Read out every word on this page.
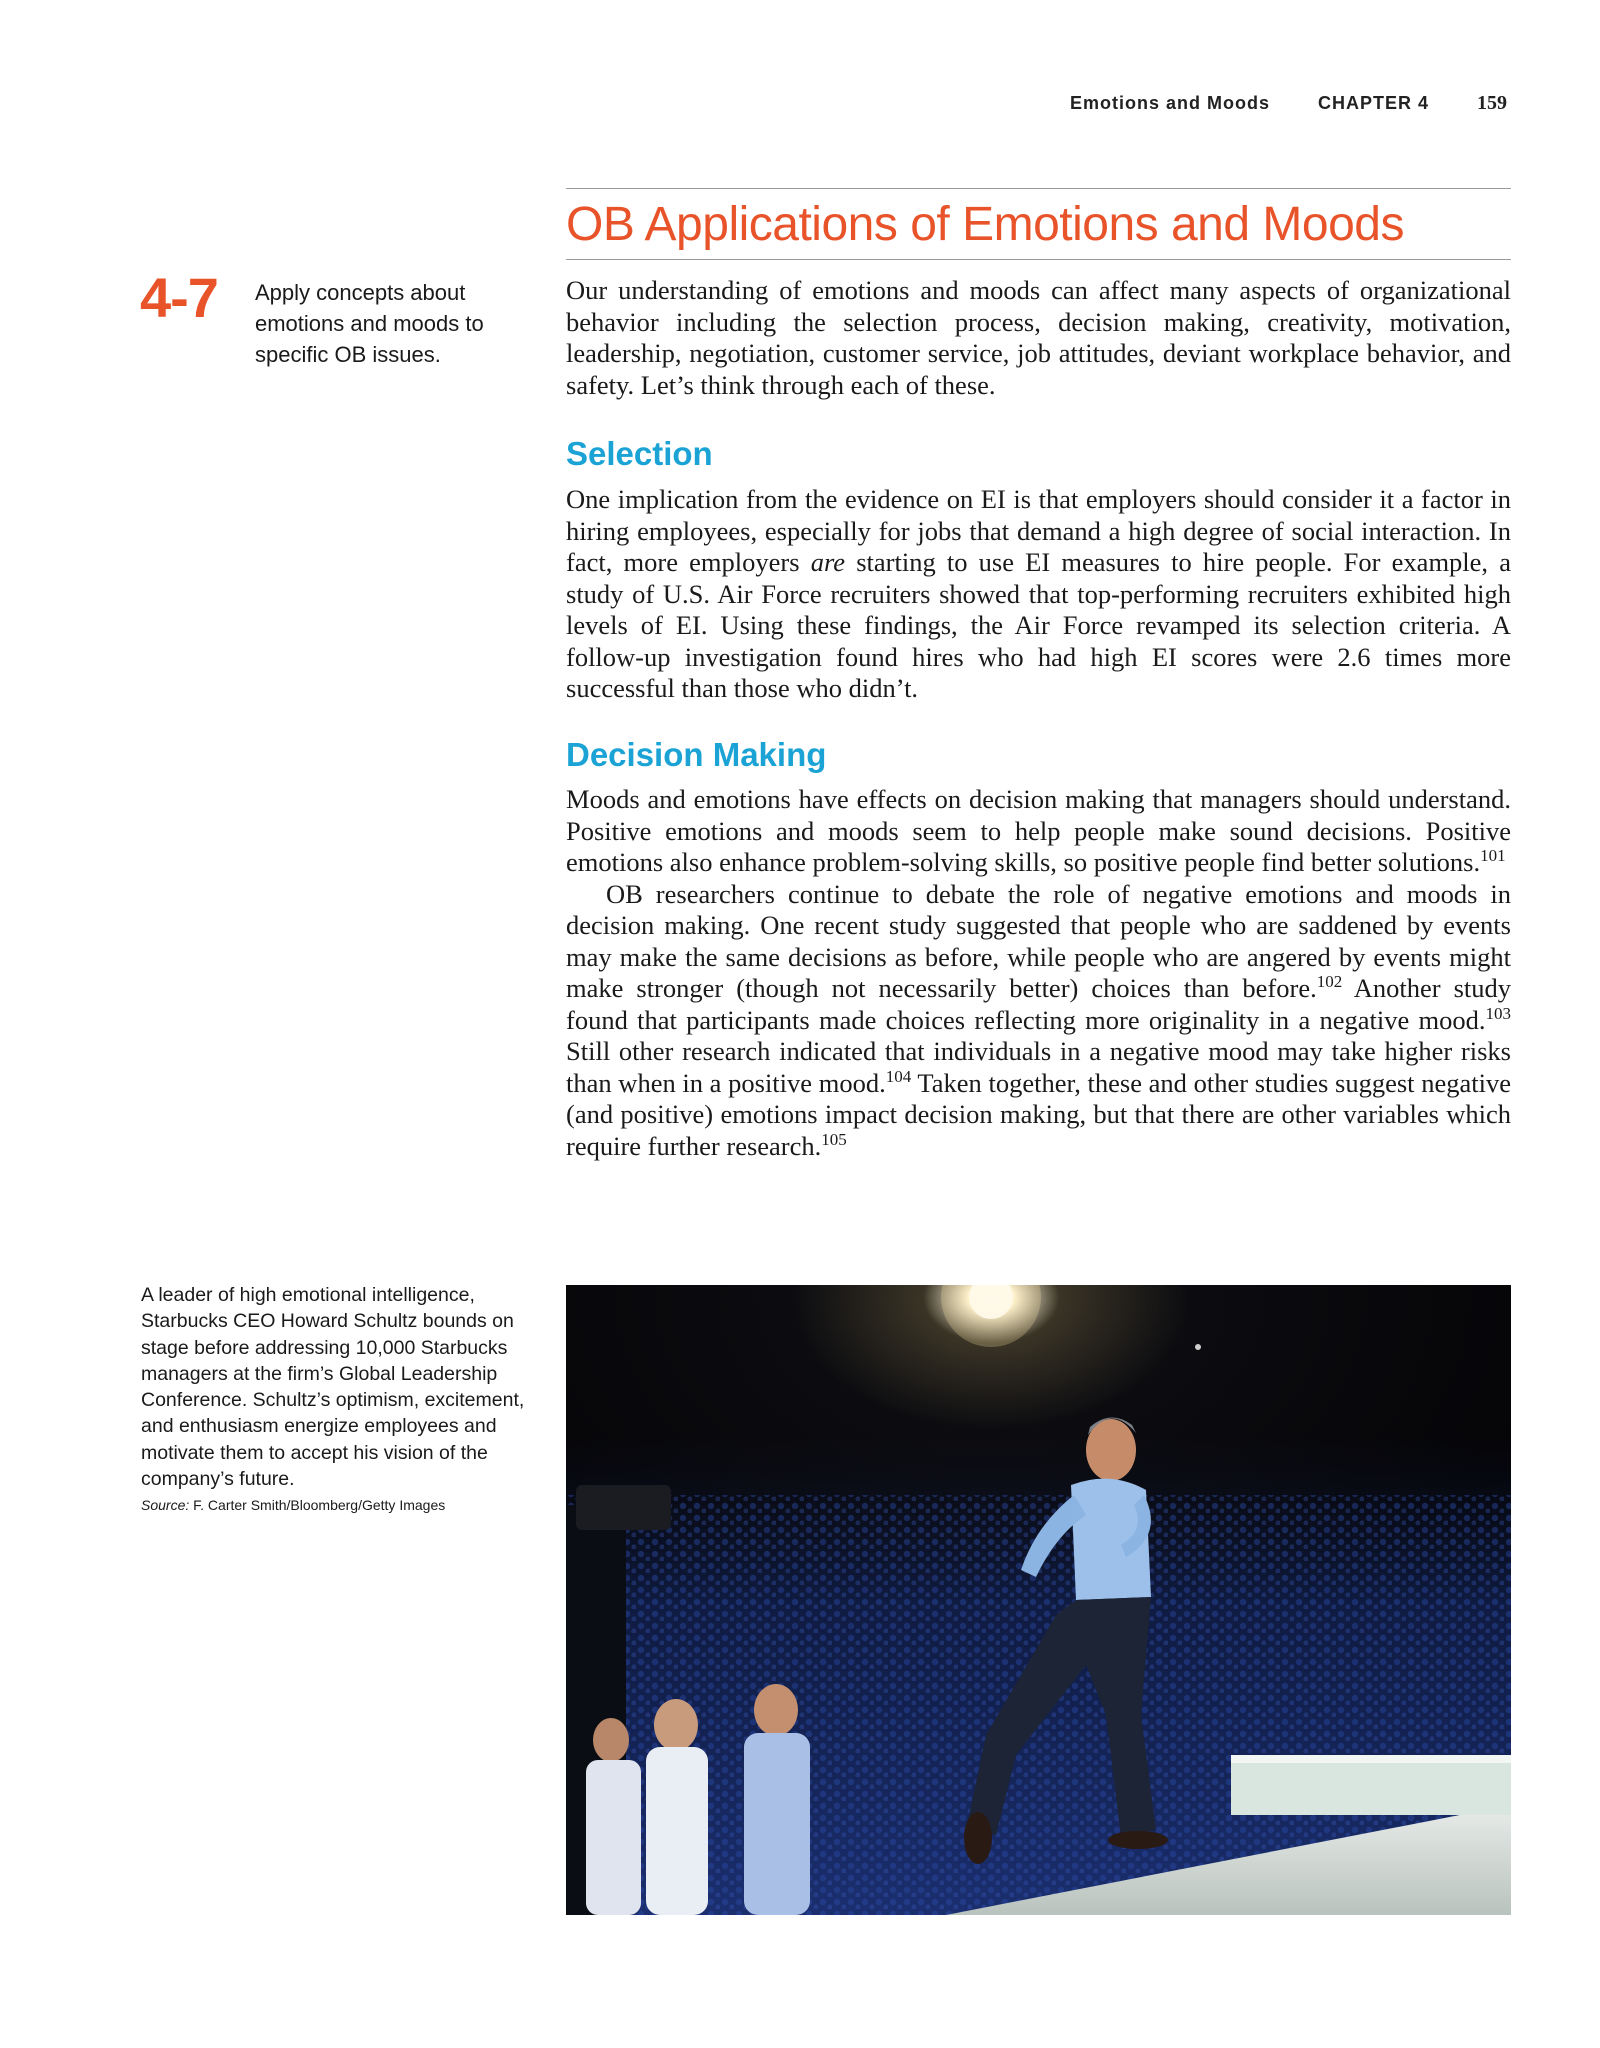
Emotions and Moods	CHAPTER 4 159
OB Applications of Emotions and Moods
4-7 Apply concepts about emotions and moods to specific OB issues.

Our understanding of emotions and moods can affect many aspects of organizational behavior including the selection process, decision making, creativity, motivation, leadership, negotiation, customer service, job attitudes, deviant workplace behavior, and safety. Let’s think through each of these.

Selection

One implication from the evidence on EI is that employers should consider it a factor in hiring employees, especially for jobs that demand a high degree of social interaction. In fact, more employers are starting to use EI measures to hire people. For example, a study of U.S. Air Force recruiters showed that top-performing recruiters exhibited high levels of EI. Using these findings, the Air Force revamped its selection criteria. A follow-up investigation found hires who had high EI scores were 2.6 times more successful than those who didn’t.

Decision Making

Moods and emotions have effects on decision making that managers should understand. Positive emotions and moods seem to help people make sound decisions. Positive emotions also enhance problem-solving skills, so positive people find better solutions.$^{101}$

OB researchers continue to debate the role of negative emotions and moods in decision making. One recent study suggested that people who are saddened by events may make the same decisions as before, while people who are angered by events might make stronger (though not necessarily better) choices than before.$^{102}$ Another study found that participants made choices reflecting more originality in a negative mood.$^{103}$ Still other research indicated that individuals in a negative mood may take higher risks than when in a positive mood.$^{104}$ Taken together, these and other studies suggest negative (and positive) emotions impact decision making, but that there are other variables which require further research.$^{105}$

A leader of high emotional intelligence, Starbucks CEO Howard Schultz bounds on stage before addressing 10,000 Starbucks managers at the firm’s Global Leadership Conference. Schultz’s optimism, excitement, and enthusiasm energize employees and motivate them to accept his vision of the company’s future.
Source: F. Carter Smith/Bloomberg/Getty Images
